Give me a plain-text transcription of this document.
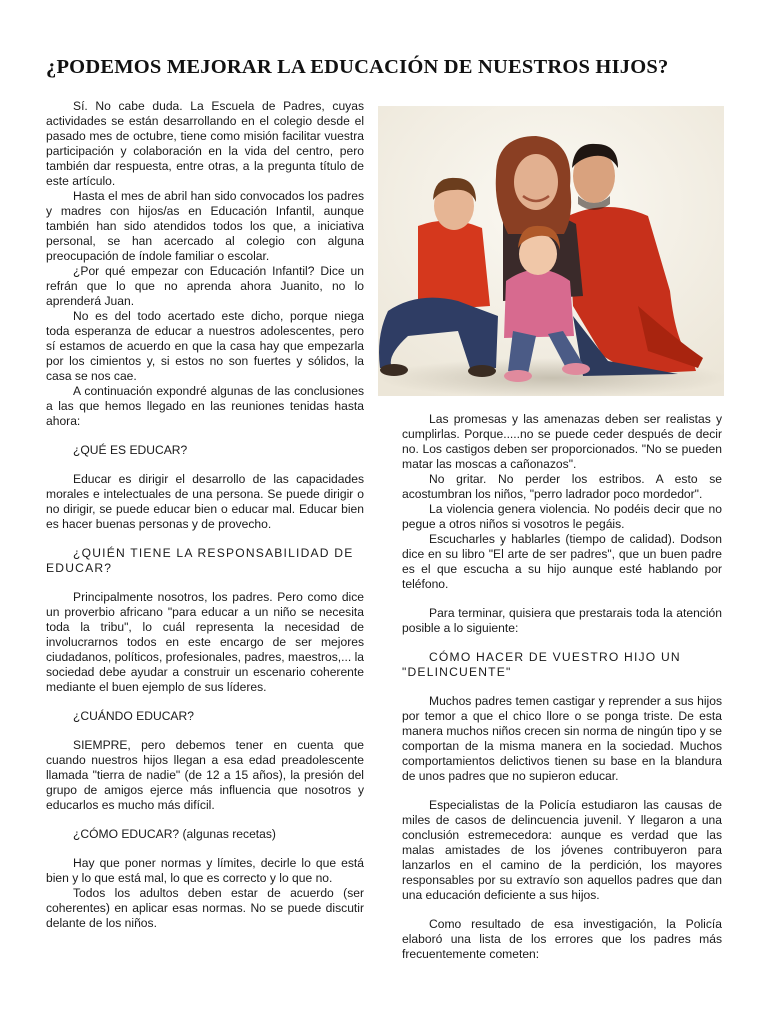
¿PODEMOS MEJORAR LA EDUCACIÓN DE NUESTROS HIJOS?

Sí. No cabe duda. La Escuela de Padres, cuyas actividades se están desarrollando en el colegio desde el pasado mes de octubre, tiene como misión facilitar vuestra participación y colaboración en la vida del centro, pero también dar respuesta, entre otras, a la pregunta título de este artículo.

Hasta el mes de abril han sido convocados los padres y madres con hijos/as en Educación Infantil, aunque también han sido atendidos todos los que, a iniciativa personal, se han acercado al colegio con alguna preocupación de índole familiar o escolar.

¿Por qué empezar con Educación Infantil? Dice un refrán que lo que no aprenda ahora Juanito, no lo aprenderá Juan.

No es del todo acertado este dicho, porque niega toda esperanza de educar a nuestros adolescentes, pero sí estamos de acuerdo en que la casa hay que empezarla por los cimientos y, si estos no son fuertes y sólidos, la casa se nos cae.

A continuación expondré algunas de las conclusiones a las que hemos llegado en las reuniones tenidas hasta ahora:

¿QUÉ ES EDUCAR?

Educar es dirigir el desarrollo de las capacidades morales e intelectuales de una persona. Se puede dirigir o no dirigir, se puede educar bien o educar mal. Educar bien es hacer buenas personas y de provecho.

¿QUIÉN TIENE LA RESPONSABILIDAD DE EDUCAR?

Principalmente nosotros, los padres. Pero como dice un proverbio africano "para educar a un niño se necesita toda la tribu", lo cuál representa la necesidad de involucrarnos todos en este encargo de ser mejores ciudadanos, políticos, profesionales, padres, maestros,... la sociedad debe ayudar a construir un escenario coherente mediante el buen ejemplo de sus líderes.

¿CUÁNDO EDUCAR?

SIEMPRE, pero debemos tener en cuenta que cuando nuestros hijos llegan a esa edad preadolescente llamada "tierra de nadie" (de 12 a 15 años), la presión del grupo de amigos ejerce más influencia que nosotros y educarlos es mucho más difícil.

¿CÓMO EDUCAR? (algunas recetas)

Hay que poner normas y límites, decirle lo que está bien y lo que está mal, lo que es correcto y lo que no.

Todos los adultos deben estar de acuerdo (ser coherentes) en aplicar esas normas. No se puede discutir delante de los niños.

Las promesas y las amenazas deben ser realistas y cumplirlas. Porque.....no se puede ceder después de decir no. Los castigos deben ser proporcionados. "No se pueden matar las moscas a cañonazos".

No gritar. No perder los estribos. A esto se acostumbran los niños, "perro ladrador poco mordedor".

La violencia genera violencia. No podéis decir que no pegue a otros niños si vosotros le pegáis.

Escucharles y hablarles (tiempo de calidad). Dodson dice en su libro "El arte de ser padres", que un buen padre es el que escucha a su hijo aunque esté hablando por teléfono.

Para terminar, quisiera que prestarais toda la atención posible a lo siguiente:

CÓMO HACER DE VUESTRO HIJO UN "DELINCUENTE"

Muchos padres temen castigar y reprender a sus hijos por temor a que el chico llore o se ponga triste. De esta manera muchos niños crecen sin norma de ningún tipo y se comportan de la misma manera en la sociedad. Muchos comportamientos delictivos tienen su base en la blandura de unos padres que no supieron educar.

Especialistas de la Policía estudiaron las causas de miles de casos de delincuencia juvenil. Y llegaron a una conclusión estremecedora: aunque es verdad que las malas amistades de los jóvenes contribuyeron para lanzarlos en el camino de la perdición, los mayores responsables por su extravío son aquellos padres que dan una educación deficiente a sus hijos.

Como resultado de esa investigación, la Policía elaboró una lista de los errores que los padres más frecuentemente cometen:
